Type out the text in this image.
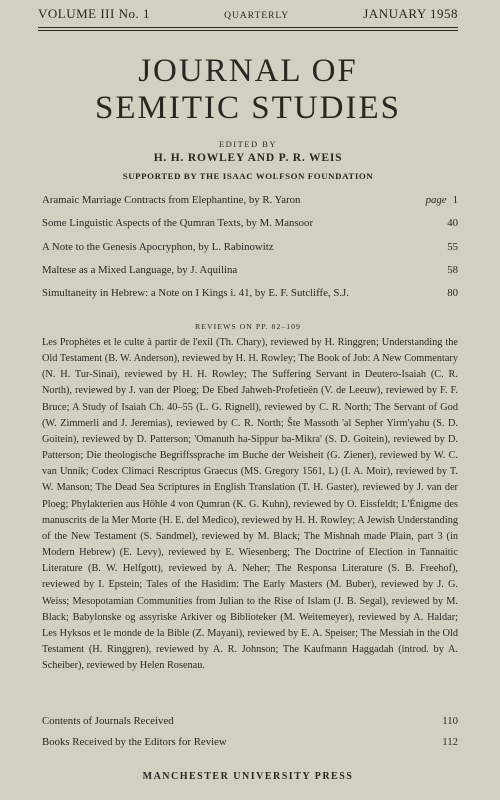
VOLUME III No. 1	QUARTERLY	JANUARY 1958
JOURNAL OF
SEMITIC STUDIES
EDITED BY
H. H. ROWLEY AND P. R. WEIS
SUPPORTED BY THE ISAAC WOLFSON FOUNDATION
Aramaic Marriage Contracts from Elephantine, by R. Yaron	page 1
Some Linguistic Aspects of the Qumran Texts, by M. Mansoor	40
A Note to the Genesis Apocryphon, by L. Rabinowitz	55
Maltese as a Mixed Language, by J. Aquilina	58
Simultaneity in Hebrew: a Note on I Kings i. 41, by E. F. Sutcliffe, S.J.	80
REVIEWS ON PP. 82–109
Les Prophètes et le culte à partir de l'exil (Th. Chary), reviewed by H. Ringgren; Understanding the Old Testament (B. W. Anderson), reviewed by H. H. Rowley; The Book of Job: A New Commentary (N. H. Tur-Sinai), reviewed by H. H. Rowley; The Suffering Servant in Deutero-Isaiah (C. R. North), reviewed by J. van der Ploeg; De Ebed Jahweh-Profetieën (V. de Leeuw), reviewed by F. F. Bruce; A Study of Isaiah Ch. 40–55 (L. G. Rignell), reviewed by C. R. North; The Servant of God (W. Zimmerli and J. Jeremias), reviewed by C. R. North; Šte Massoth 'al Sepher Yirm'yahu (S. D. Goitein), reviewed by D. Patterson; 'Omanuth ha-Sippur ba-Mikra' (S. D. Goitein), reviewed by D. Patterson; Die theologische Begriffssprache im Buche der Weisheit (G. Ziener), reviewed by W. C. van Unnik; Codex Climaci Rescriptus Graecus (MS. Gregory 1561, L) (I. A. Moir), reviewed by T. W. Manson; The Dead Sea Scriptures in English Translation (T. H. Gaster), reviewed by J. van der Ploeg; Phylakterien aus Höhle 4 von Qumran (K. G. Kuhn), reviewed by O. Eissfeldt; L'Énigme des manuscrits de la Mer Morte (H. E. del Medico), reviewed by H. H. Rowley; A Jewish Understanding of the New Testament (S. Sandmel), reviewed by M. Black; The Mishnah made Plain, part 3 (in Modern Hebrew) (E. Levy), reviewed by E. Wiesenberg; The Doctrine of Election in Tannaitic Literature (B. W. Helfgott), reviewed by A. Neher; The Responsa Literature (S. B. Freehof), reviewed by I. Epstein; Tales of the Hasidim: The Early Masters (M. Buber), reviewed by J. G. Weiss; Mesopotamian Communities from Julian to the Rise of Islam (J. B. Segal), reviewed by M. Black; Babylonske og assyriske Arkiver og Biblioteker (M. Weitemeyer), reviewed by A. Haldar; Les Hyksos et le monde de la Bible (Z. Mayani), reviewed by E. A. Speiser; The Messiah in the Old Testament (H. Ringgren), reviewed by A. R. Johnson; The Kaufmann Haggadah (introd. by A. Scheiber), reviewed by Helen Rosenau.
Contents of Journals Received	110
Books Received by the Editors for Review	112
MANCHESTER UNIVERSITY PRESS
